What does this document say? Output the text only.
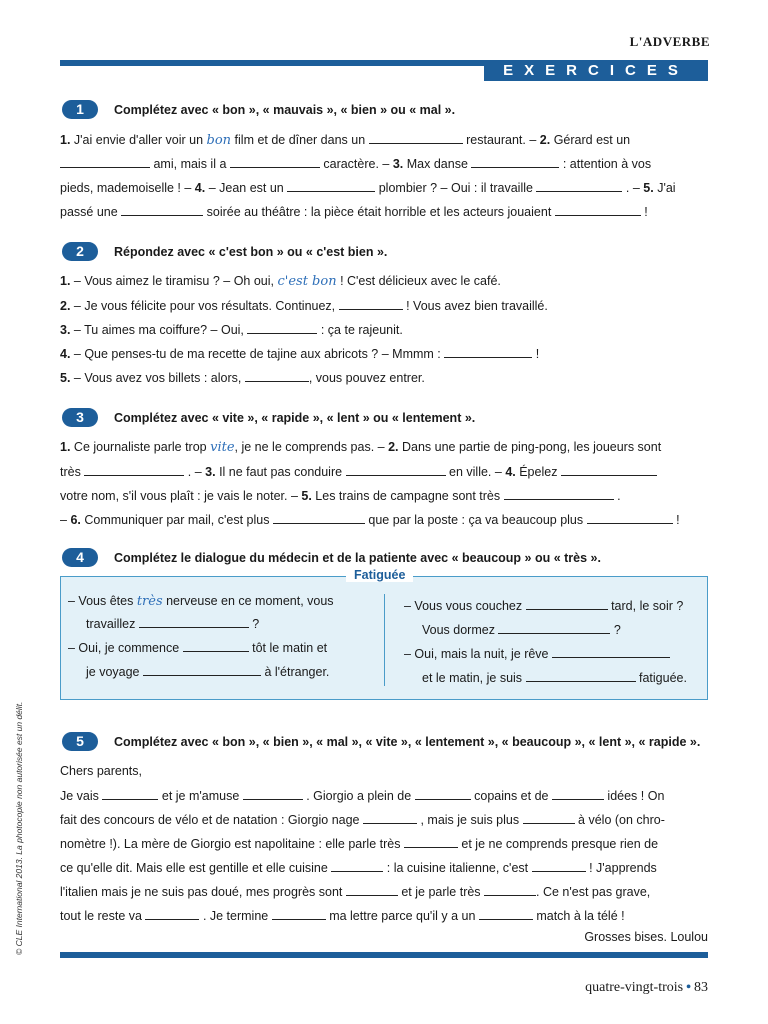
L'ADVERBE
EXERCICES
© CLE International 2013. La photocopie non autorisée est un délit.
1	Complétez avec « bon », « mauvais », « bien » ou « mal ».
1. J'ai envie d'aller voir un bon film et de dîner dans un	restaurant. – 2. Gérard est un
ami, mais il a	caractère. – 3. Max danse	: attention à vos
pieds, mademoiselle ! – 4. – Jean est un	plombier ? – Oui : il travaille	. – 5. J'ai
passé une	soirée au théâtre : la pièce était horrible et les acteurs jouaient	!
2	Répondez avec « c'est bon » ou « c'est bien ».
1. – Vous aimez le tiramisu ? – Oh oui, c'est bon ! C'est délicieux avec le café.
2. – Je vous félicite pour vos résultats. Continuez,	! Vous avez bien travaillé.
3. – Tu aimes ma coiffure? – Oui,	: ça te rajeunit.
4. – Que penses-tu de ma recette de tajine aux abricots ? – Mmmm :	!
5. – Vous avez vos billets : alors,	, vous pouvez entrer.
3	Complétez avec « vite », « rapide », « lent » ou « lentement ».
1. Ce journaliste parle trop vite, je ne le comprends pas. – 2. Dans une partie de ping-pong, les joueurs sont
très	. – 3. Il ne faut pas conduire	en ville. – 4. Épelez
votre nom, s'il vous plaît : je vais le noter. – 5. Les trains de campagne sont très	.
– 6. Communiquer par mail, c'est plus	que par la poste : ça va beaucoup plus	!
4	Complétez le dialogue du médecin et de la patiente avec « beaucoup » ou « très ».
Fatiguée
– Vous êtes très nerveuse en ce moment, vous
travaillez	?
– Oui, je commence	tôt le matin et
je voyage	à l'étranger.
– Vous vous couchez	tard, le soir ?
Vous dormez	?
– Oui, mais la nuit, je rêve
et le matin, je suis	fatiguée.
5	Complétez avec « bon », « bien », « mal », « vite », « lentement », « beaucoup », « lent », « rapide ».
Chers parents,
Je vais	et je m'amuse	. Giorgio a plein de	copains et de	idées ! On
fait des concours de vélo et de natation : Giorgio nage	, mais je suis plus	à vélo (on chro-
nomètre !). La mère de Giorgio est napolitaine : elle parle très	et je ne comprends presque rien de
ce qu'elle dit. Mais elle est gentille et elle cuisine	: la cuisine italienne, c'est	! J'apprends
l'italien mais je ne suis pas doué, mes progrès sont	et je parle très	. Ce n'est pas grave,
tout le reste va	. Je termine	ma lettre parce qu'il y a un	match à la télé !
Grosses bises. Loulou
quatre-vingt-trois • 83
